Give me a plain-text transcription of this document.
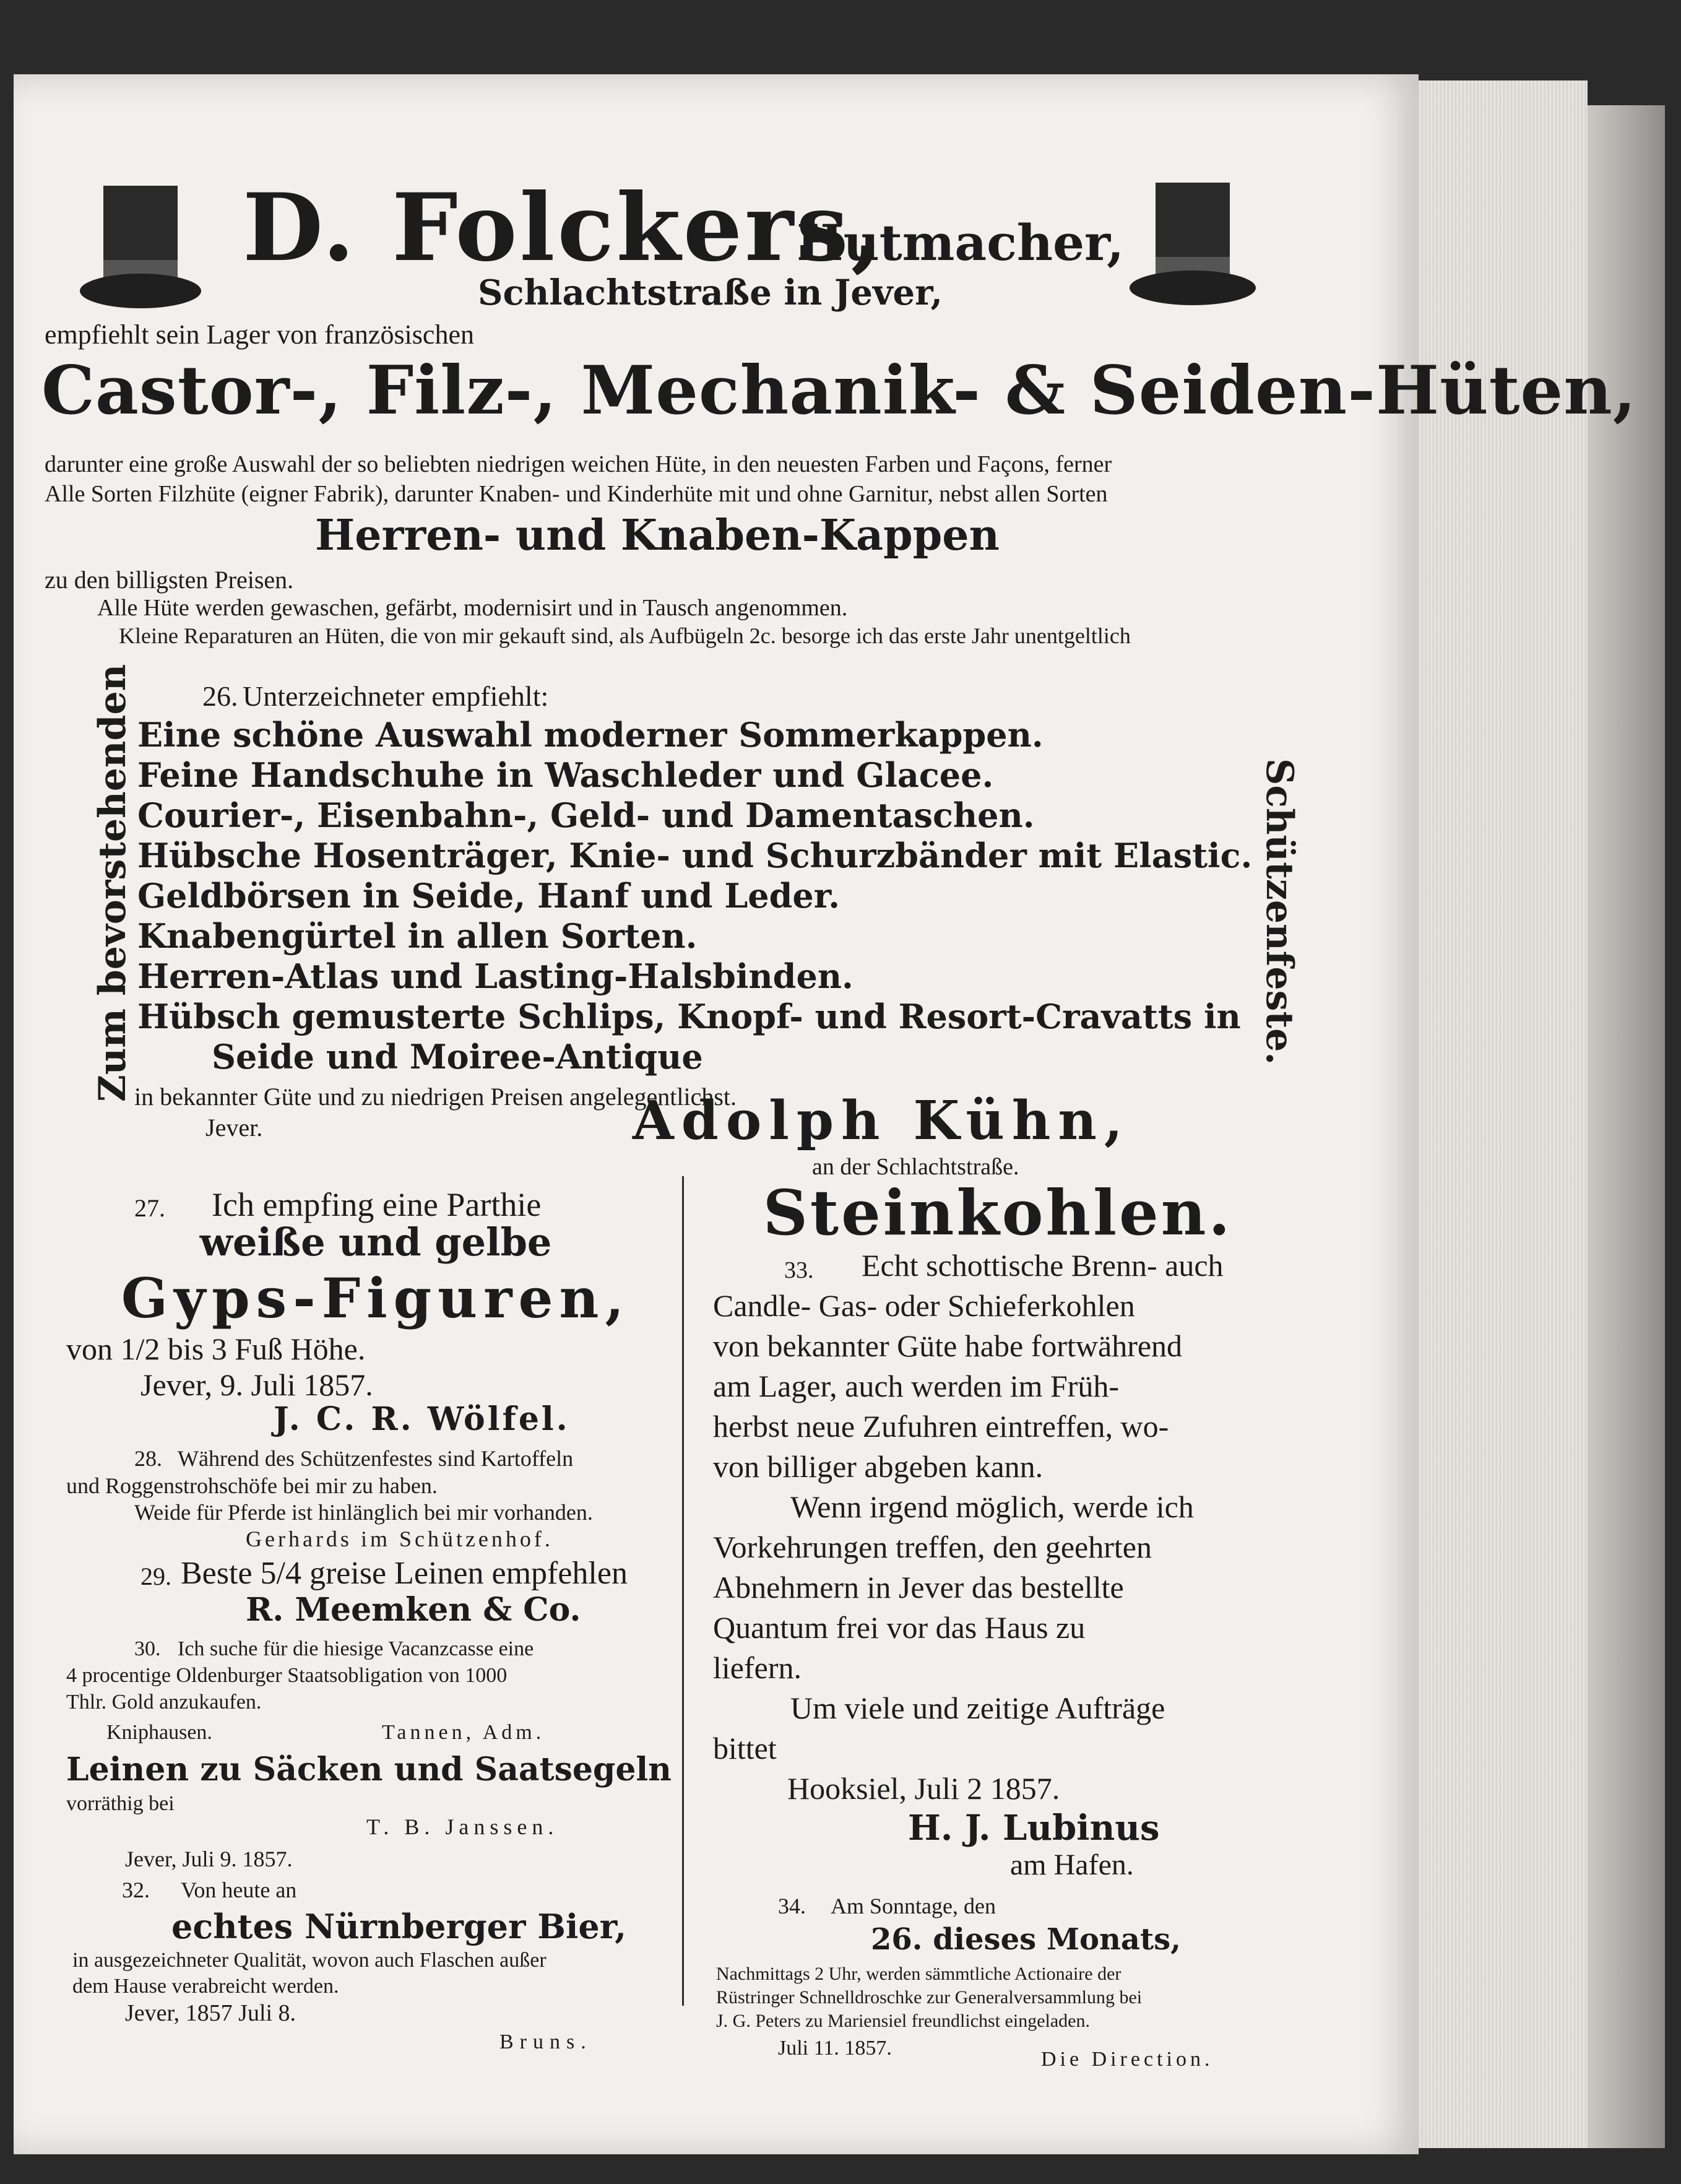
D. Folckers,
Hutmacher,
Schlachtstraße in Jever,
empfiehlt sein Lager von französischen
Castor-, Filz-, Mechanik- & Seiden-Hüten,
darunter eine große Auswahl der so beliebten niedrigen weichen Hüte, in den neuesten Farben und Façons, ferner
Alle Sorten Filzhüte (eigner Fabrik), darunter Knaben- und Kinderhüte mit und ohne Garnitur, nebst allen Sorten
Herren- und Knaben-Kappen
zu den billigsten Preisen.
Alle Hüte werden gewaschen, gefärbt, modernisirt und in Tausch angenommen.
Kleine Reparaturen an Hüten, die von mir gekauft sind, als Aufbügeln 2c. besorge ich das erste Jahr unentgeltlich
Zum bevorstehenden	Schützenfeste.
26. Unterzeichneter empfiehlt:
Eine schöne Auswahl moderner Sommerkappen.
Feine Handschuhe in Waschleder und Glacee.
Courier-, Eisenbahn-, Geld- und Damentaschen.
Hübsche Hosenträger, Knie- und Schurzbänder mit Elastic.
Geldbörsen in Seide, Hanf und Leder.
Knabengürtel in allen Sorten.
Herren-Atlas und Lasting-Halsbinden.
Hübsch gemusterte Schlips, Knopf- und Resort-Cravatts in
Seide und Moiree-Antique
in bekannter Güte und zu niedrigen Preisen angelegentlichst.
Jever.	Adolph Kühn,
an der Schlachtstraße.
27. Ich empfing eine Parthie
weiße und gelbe
Gyps-Figuren,
von 1/2 bis 3 Fuß Höhe.
Jever, 9. Juli 1857.
J. C. R. Wölfel.
28. Während des Schützenfestes sind Kartoffeln
und Roggenstrohschöfe bei mir zu haben.
Weide für Pferde ist hinlänglich bei mir vorhanden.
Gerhards im Schützenhof.
29. Beste 5/4 greise Leinen empfehlen
R. Meemken & Co.
30. Ich suche für die hiesige Vacanzcasse eine
4 procentige Oldenburger Staatsobligation von 1000
Thlr. Gold anzukaufen.
Kniphausen.	Tannen, Adm.
Leinen zu Säcken und Saatsegeln
vorräthig bei
T. B. Janssen.
Jever, Juli 9. 1857.
32. Von heute an
echtes Nürnberger Bier,
in ausgezeichneter Qualität, wovon auch Flaschen außer
dem Hause verabreicht werden.
Jever, 1857 Juli 8.
Bruns.
Steinkohlen.
33. Echt schottische Brenn- auch
Candle- Gas- oder Schieferkohlen
von bekannter Güte habe fortwährend
am Lager, auch werden im Früh-
herbst neue Zufuhren eintreffen, wo-
von billiger abgeben kann.
Wenn irgend möglich, werde ich
Vorkehrungen treffen, den geehrten
Abnehmern in Jever das bestellte
Quantum frei vor das Haus zu
liefern.
Um viele und zeitige Aufträge
bittet
Hooksiel, Juli 2 1857.
H. J. Lubinus
am Hafen.
34. Am Sonntage, den
26. dieses Monats,
Nachmittags 2 Uhr, werden sämmtliche Actionaire der
Rüstringer Schnelldroschke zur Generalversammlung bei
J. G. Peters zu Mariensiel freundlichst eingeladen.
Juli 11. 1857.	Die Direction.
